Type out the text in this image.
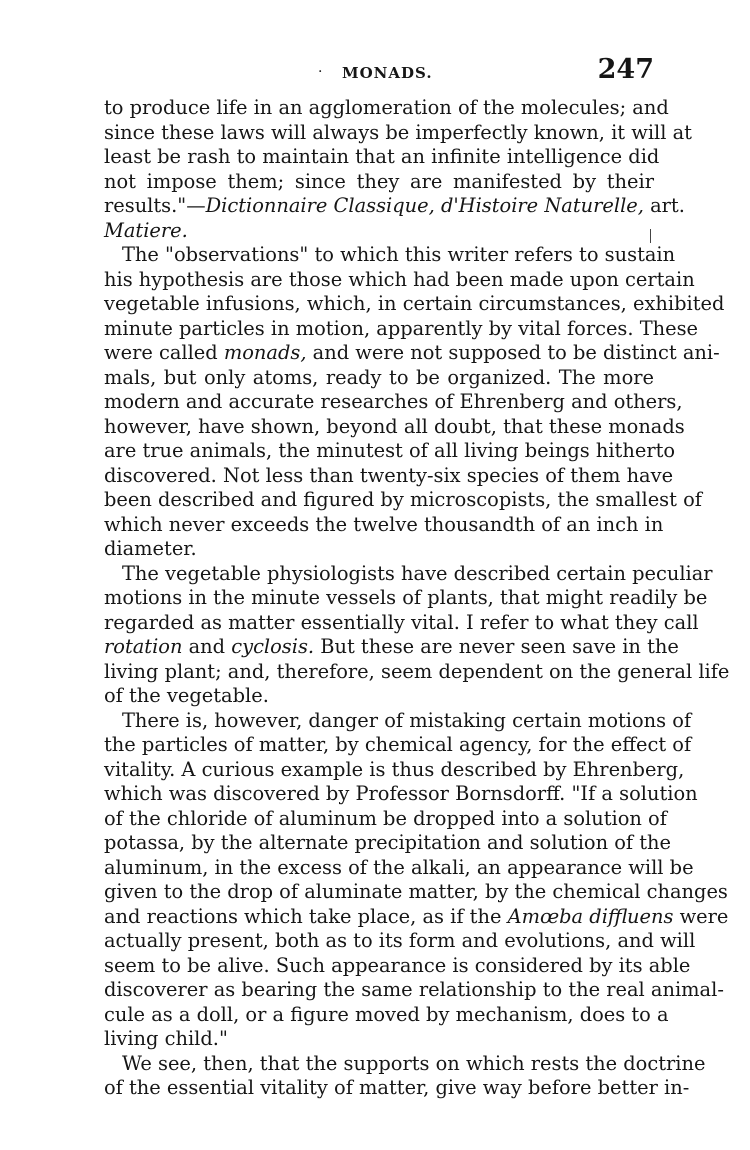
· MONADS.	247
to produce life in an agglomeration of the molecules; and
since these laws will always be imperfectly known, it will at
least be rash to maintain that an infinite intelligence did
not impose them; since they are manifested by their
results."—Dictionnaire Classique, d'Histoire Naturelle, art.
Matiere.
The "observations" to which this writer refers to sustain
his hypothesis are those which had been made upon certain
vegetable infusions, which, in certain circumstances, exhibited
minute particles in motion, apparently by vital forces. These
were called monads, and were not supposed to be distinct ani-
mals, but only atoms, ready to be organized. The more
modern and accurate researches of Ehrenberg and others,
however, have shown, beyond all doubt, that these monads
are true animals, the minutest of all living beings hitherto
discovered. Not less than twenty-six species of them have
been described and figured by microscopists, the smallest of
which never exceeds the twelve thousandth of an inch in
diameter.
The vegetable physiologists have described certain peculiar
motions in the minute vessels of plants, that might readily be
regarded as matter essentially vital. I refer to what they call
rotation and cyclosis. But these are never seen save in the
living plant; and, therefore, seem dependent on the general life
of the vegetable.
There is, however, danger of mistaking certain motions of
the particles of matter, by chemical agency, for the effect of
vitality. A curious example is thus described by Ehrenberg,
which was discovered by Professor Bornsdorff. "If a solution
of the chloride of aluminum be dropped into a solution of
potassa, by the alternate precipitation and solution of the
aluminum, in the excess of the alkali, an appearance will be
given to the drop of aluminate matter, by the chemical changes
and reactions which take place, as if the Amœba diffluens were
actually present, both as to its form and evolutions, and will
seem to be alive. Such appearance is considered by its able
discoverer as bearing the same relationship to the real animal-
cule as a doll, or a figure moved by mechanism, does to a
living child."
We see, then, that the supports on which rests the doctrine
of the essential vitality of matter, give way before better in-
